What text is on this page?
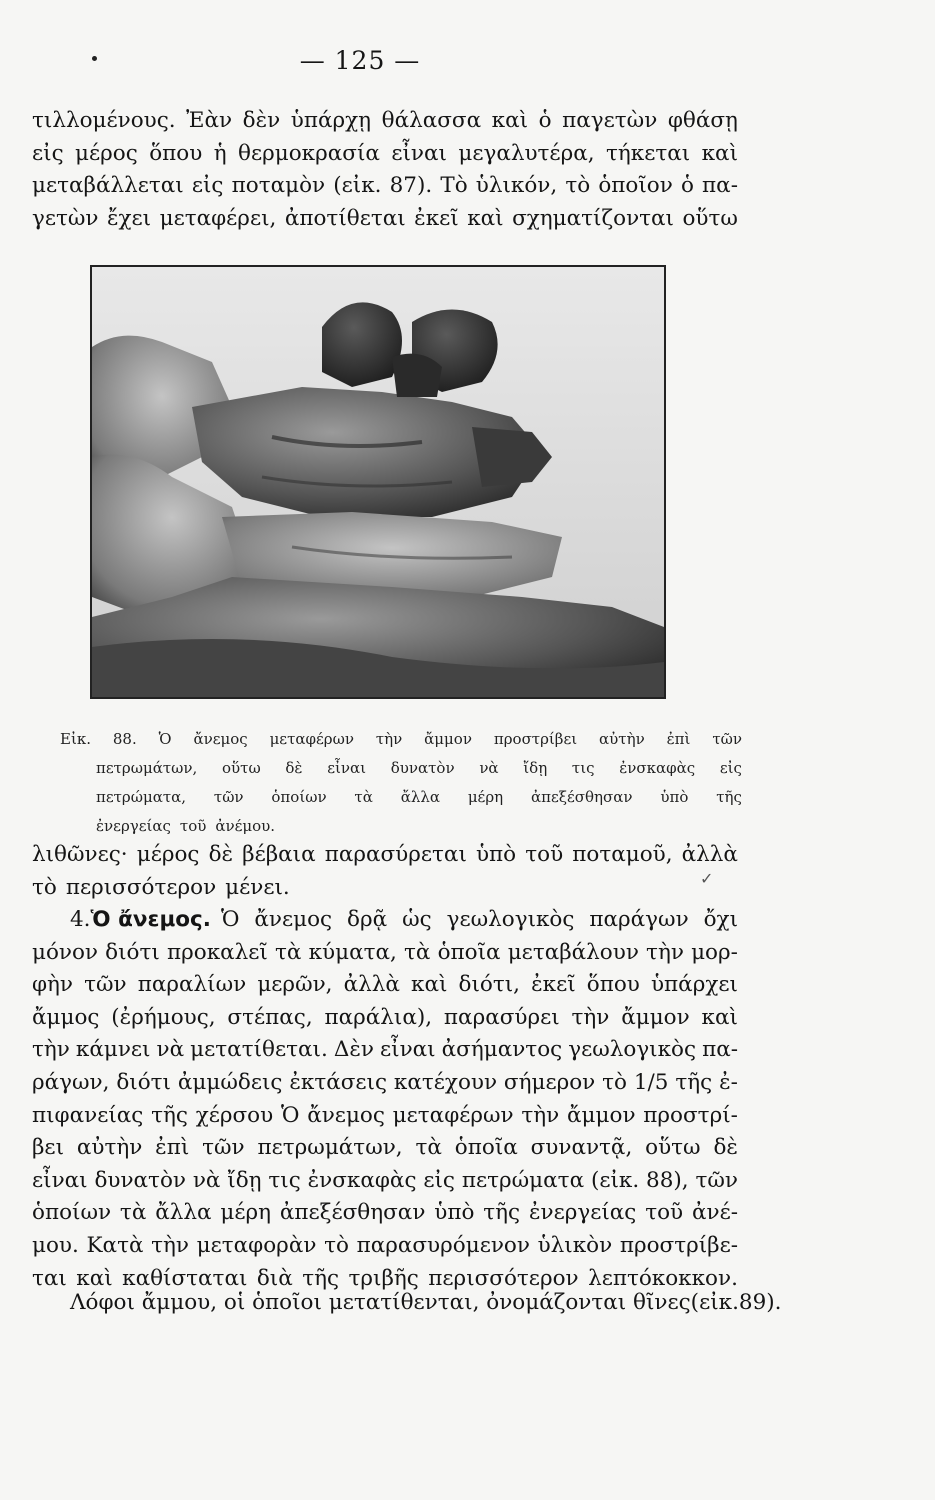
— 125 —
τιλλομένους. Ἐὰν δὲν ὑπάρχῃ θάλασσα καὶ ὁ παγετὼν φθάσῃ
εἰς μέρος ὅπου ἡ θερμοκρασία εἶναι μεγαλυτέρα, τήκεται καὶ
μεταβάλλεται εἰς ποταμὸν (εἰκ. 87). Τὸ ὑλικόν, τὸ ὁποῖον ὁ πα-
γετὼν ἔχει μεταφέρει, ἀποτίθεται ἐκεῖ καὶ σχηματίζονται οὕτω
Εἰκ. 88. Ὁ ἄνεμος μεταφέρων τὴν ἄμμον προστρίβει αὐτὴν ἐπὶ τῶν
πετρωμάτων, οὕτω δὲ εἶναι δυνατὸν νὰ ἴδῃ τις ἐνσκαφὰς εἰς
πετρώματα, τῶν ὁποίων τὰ ἄλλα μέρη ἀπεξέσθησαν ὑπὸ τῆς
ἐνεργείας τοῦ ἀνέμου.
λιθῶνες· μέρος δὲ βέβαια παρασύρεται ὑπὸ τοῦ ποταμοῦ, ἀλλὰ
τὸ περισσότερον μένει.
4. Ὁ ἄνεμος. Ὁ ἄνεμος δρᾷ ὡς γεωλογικὸς παράγων ὄχι
μόνον διότι προκαλεῖ τὰ κύματα, τὰ ὁποῖα μεταβάλουν τὴν μορ-
φὴν τῶν παραλίων μερῶν, ἀλλὰ καὶ διότι, ἐκεῖ ὅπου ὑπάρχει
ἄμμος (ἐρήμους, στέπας, παράλια), παρασύρει τὴν ἄμμον καὶ
τὴν κάμνει νὰ μετατίθεται. Δὲν εἶναι ἀσήμαντος γεωλογικὸς πα-
ράγων, διότι ἀμμώδεις ἐκτάσεις κατέχουν σήμερον τὸ 1/5 τῆς ἐ-
πιφανείας τῆς χέρσου Ὁ ἄνεμος μεταφέρων τὴν ἄμμον προστρί-
βει αὐτὴν ἐπὶ τῶν πετρωμάτων, τὰ ὁποῖα συναντᾷ, οὕτω δὲ
εἶναι δυνατὸν νὰ ἴδῃ τις ἐνσκαφὰς εἰς πετρώματα (εἰκ. 88), τῶν
ὁποίων τὰ ἄλλα μέρη ἀπεξέσθησαν ὑπὸ τῆς ἐνεργείας τοῦ ἀνέ-
μου. Κατὰ τὴν μεταφορὰν τὸ παρασυρόμενον ὑλικὸν προστρίβε-
ται καὶ καθίσταται διὰ τῆς τριβῆς περισσότερον λεπτόκοκκον.
Λόφοι ἄμμου, οἱ ὁποῖοι μετατίθενται, ὀνομάζονται θῖνες(εἰκ.89).
✓
